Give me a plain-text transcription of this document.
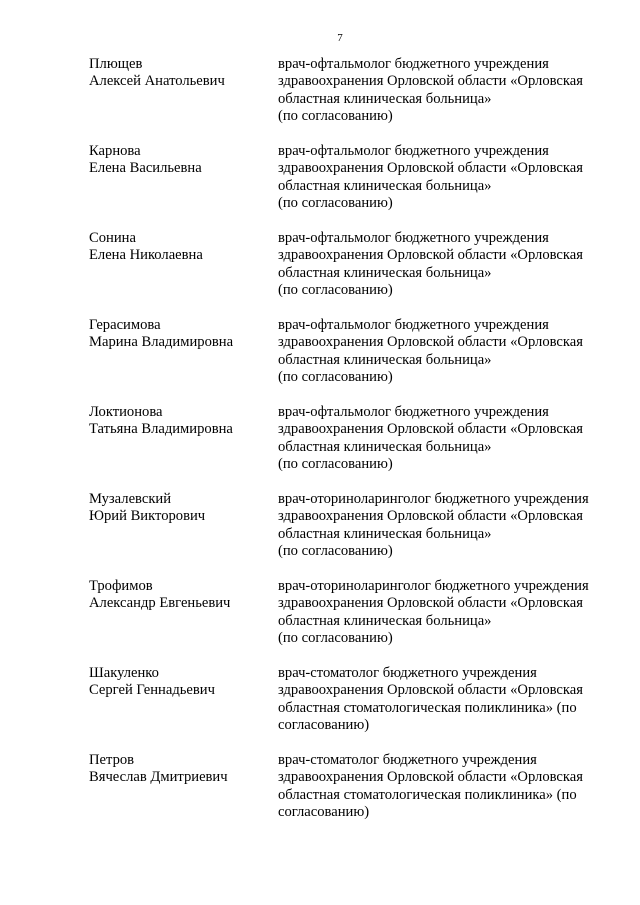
7
Плющев
Алексей Анатольевич
врач-офтальмолог бюджетного учреждения
здравоохранения Орловской области «Орловская
областная клиническая больница»
(по согласованию)
Карнова
Елена Васильевна
врач-офтальмолог бюджетного учреждения
здравоохранения Орловской области «Орловская
областная клиническая больница»
(по согласованию)
Сонина
Елена Николаевна
врач-офтальмолог бюджетного учреждения
здравоохранения Орловской области «Орловская
областная клиническая больница»
(по согласованию)
Герасимова
Марина Владимировна
врач-офтальмолог бюджетного учреждения
здравоохранения Орловской области «Орловская
областная клиническая больница»
(по согласованию)
Локтионова
Татьяна Владимировна
врач-офтальмолог бюджетного учреждения
здравоохранения Орловской области «Орловская
областная клиническая больница»
(по согласованию)
Музалевский
Юрий Викторович
врач-оториноларинголог бюджетного учреждения
здравоохранения Орловской области «Орловская
областная клиническая больница»
(по согласованию)
Трофимов
Александр Евгеньевич
врач-оториноларинголог бюджетного учреждения
здравоохранения Орловской области «Орловская
областная клиническая больница»
(по согласованию)
Шакуленко
Сергей Геннадьевич
врач-стоматолог бюджетного учреждения
здравоохранения Орловской области «Орловская
областная стоматологическая поликлиника» (по
согласованию)
Петров
Вячеслав Дмитриевич
врач-стоматолог бюджетного учреждения
здравоохранения Орловской области «Орловская
областная стоматологическая поликлиника» (по
согласованию)
